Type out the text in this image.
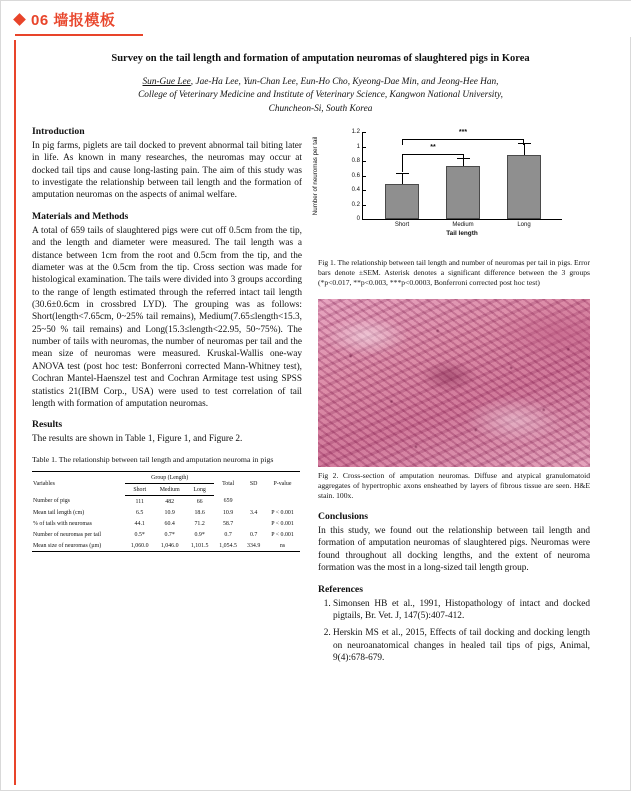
06 墙报模板
Survey on the tail length and formation of amputation neuromas of slaughtered pigs in Korea
Sun-Gue Lee, Jae-Ha Lee, Yun-Chan Lee, Eun-Ho Cho, Kyeong-Dae Min, and Jeong-Hee Han,
College of Veterinary Medicine and Institute of Veterinary Science, Kangwon National University,
Chuncheon-Si, South Korea
Introduction

In pig farms, piglets are tail docked to prevent abnormal tail biting later in life. As known in many researches, the neuromas may occur at docked tail tips and cause long-lasting pain. The aim of this study was to investigate the relationship between tail length and the formation of amputation neuromas on the aspects of animal welfare.

Materials and Methods

A total of 659 tails of slaughtered pigs were cut off 0.5cm from the tip, and the length and diameter were measured. The tail length was a distance between 1cm from the root and 0.5cm from the tip, and the diameter was at the 0.5cm from the tip. Cross section was made for histological examination. The tails were divided into 3 groups according to the range of length estimated through the referred intact tail length (30.6±0.6cm in crossbred LYD). The grouping was as follows: Short(length<7.65cm, 0~25% tail remains), Medium(7.65≤length<15.3, 25~50 % tail remains) and Long(15.3≤length<22.95, 50~75%). The number of tails with neuromas, the number of neuromas per tail and the mean size of neuromas were measured. Kruskal-Wallis one-way ANOVA test (post hoc test: Bonferroni corrected Mann-Whitney test), Cochran Mantel-Haenszel test and Cochran Armitage test using SPSS statistics 21(IBM Corp., USA) were used to test correlation of tail length with formation of amputation neuromas.

Results

The results are shown in Table 1, Figure 1, and Figure 2.

Table 1. The relationship between tail length and amputation neuroma in pigs
Variables	Group (Length)			Total	SD	P-value
	Short	Medium	Long			
Number of pigs	111	482	66	659		
Mean tail length (cm)	6.5	10.9	18.6	10.9	3.4	P < 0.001
% of tails with neuromas	44.1	60.4	71.2	58.7		P < 0.001
Number of neuromas per tail	0.5*	0.7*	0.9*	0.7	0.7	P < 0.001
Mean size of neuromas (µm)	1,060.0	1,046.0	1,101.5	1,054.5	334.9	ns
Number of neuromas per tail
0
0.2
0.4
0.6
0.8
1
1.2
**
***
Short	Medium	Long
Tail length
Fig 1. The relationship between tail length and number of neuromas per tail in pigs. Error bars denote ±SEM. Asterisk denotes a significant difference between the 3 groups (*p<0.017, **p<0.003, ***p<0.0003, Bonferroni corrected post hoc test)
Fig 2. Cross-section of amputation neuromas. Diffuse and atypical granulomatoid aggregates of hypertrophic axons ensheathed by layers of fibrous tissue are seen. H&E stain. 100x.
Conclusions

In this study, we found out the relationship between tail length and formation of amputation neuromas of slaughtered pigs. Neuromas were found throughout all docking lengths, and the extent of neuroma formation was the most in a long-sized tail length group.

References
1. Simonsen HB et al., 1991, Histopathology of intact and docked pigtails, Br. Vet. J, 147(5):407-412.
2. Herskin MS et al., 2015, Effects of tail docking and docking length on neuroanatomical changes in healed tail tips of pigs, Animal, 9(4):678-679.
